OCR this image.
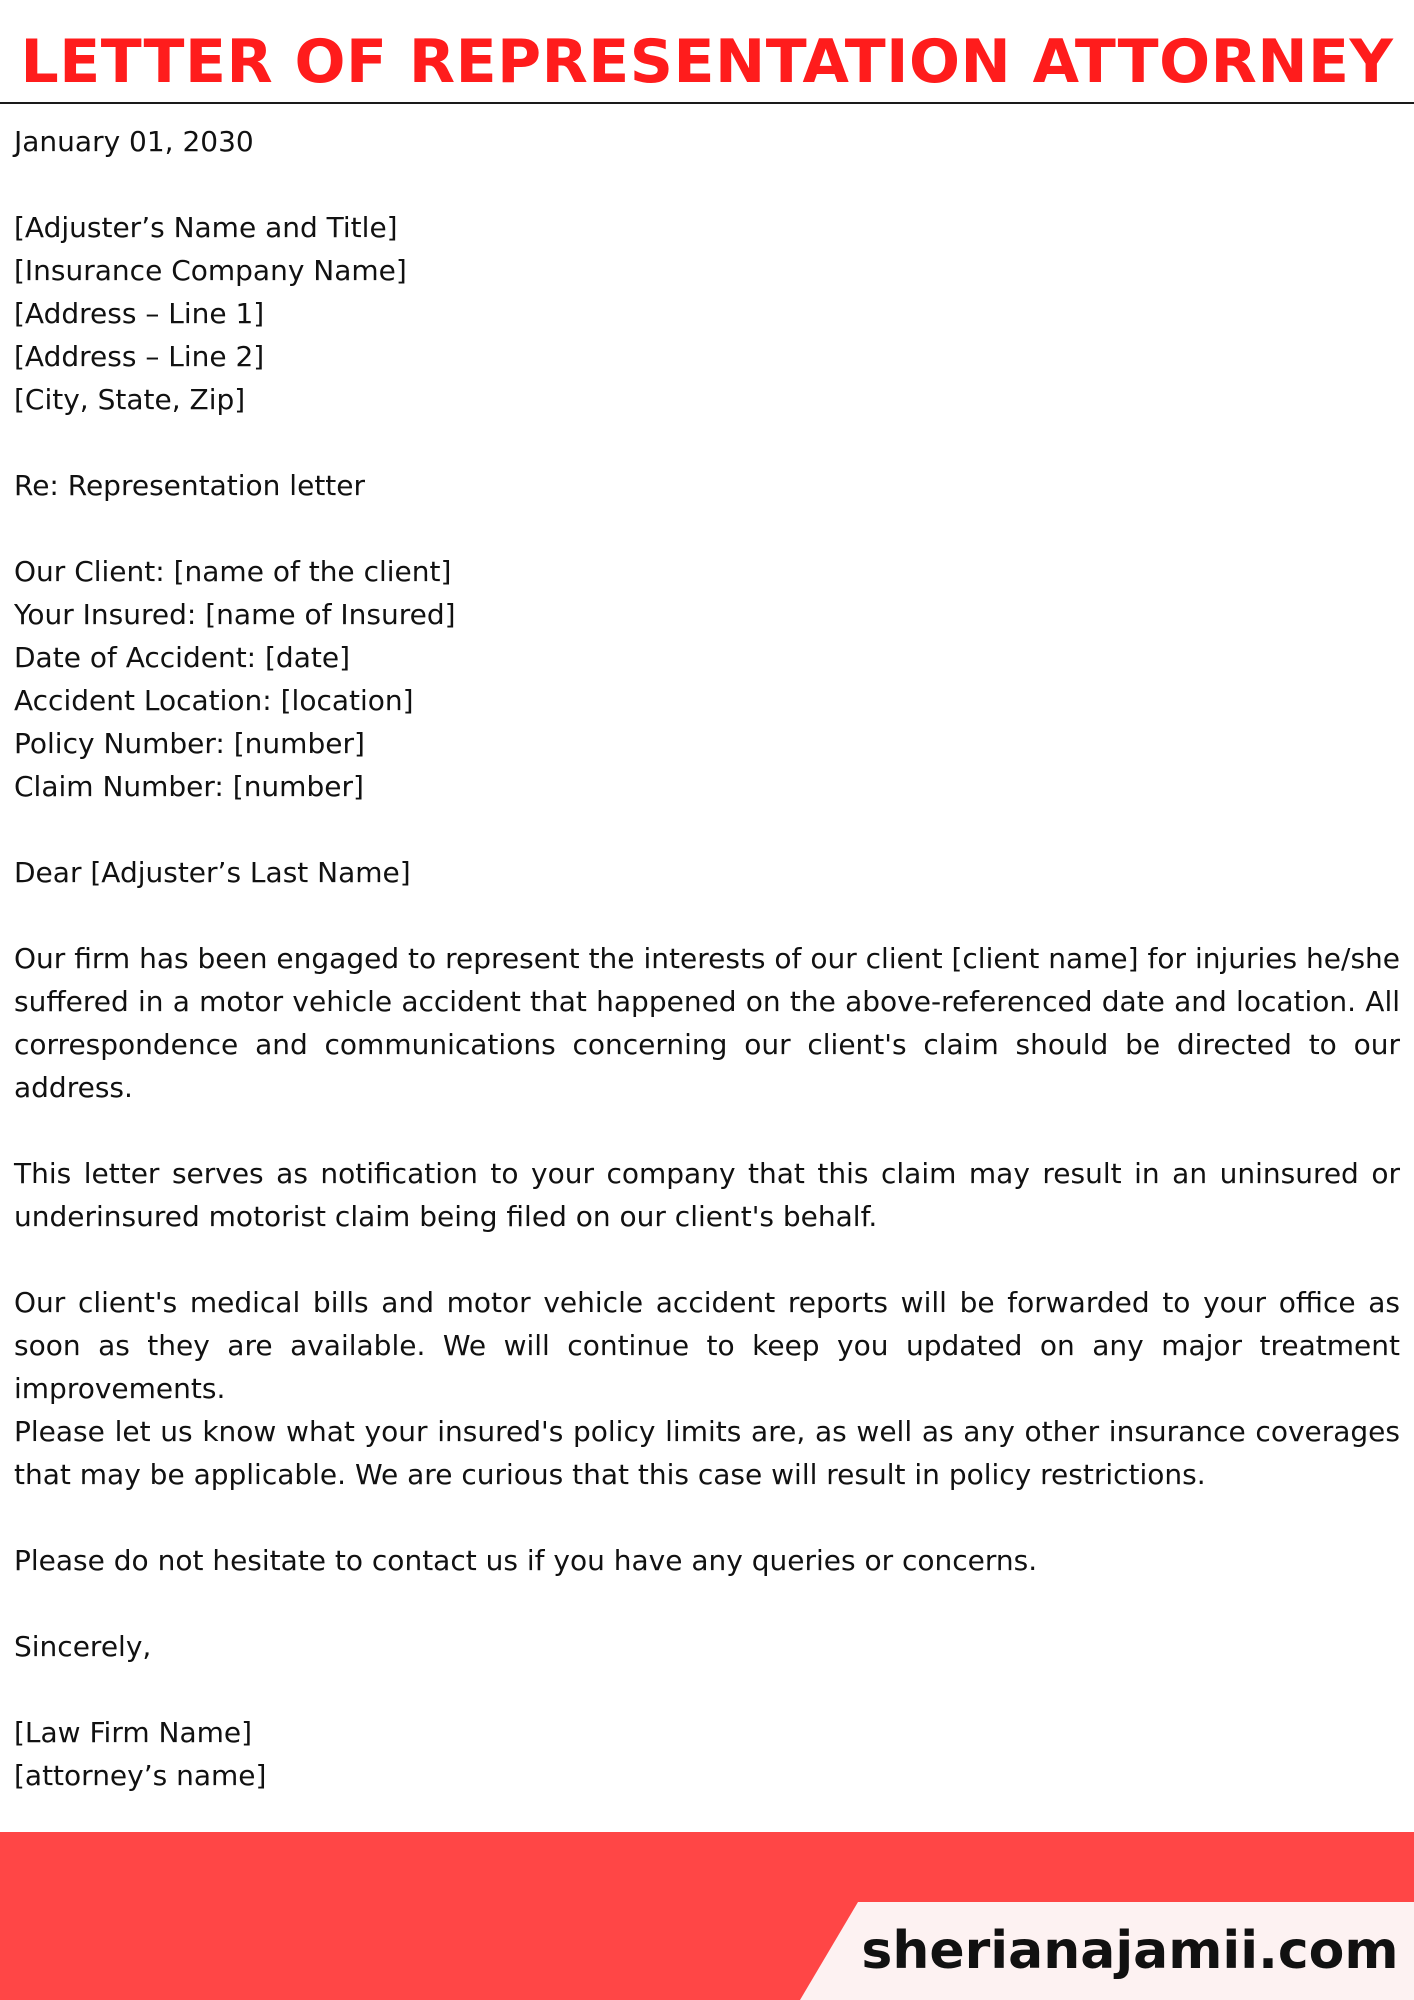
LETTER OF REPRESENTATION ATTORNEY
January 01, 2030
[Adjuster’s Name and Title]
[Insurance Company Name]
[Address – Line 1]
[Address – Line 2]
[City, State, Zip]
Re: Representation letter
Our Client: [name of the client]
Your Insured: [name of Insured]
Date of Accident: [date]
Accident Location: [location]
Policy Number: [number]
Claim Number: [number]
Dear [Adjuster’s Last Name]

Our firm has been engaged to represent the interests of our client [client name] for injuries he/she suffered in a motor vehicle accident that happened on the above-referenced date and location. All correspondence and communications concerning our client's claim should be directed to our address.

This letter serves as notification to your company that this claim may result in an uninsured or underinsured motorist claim being filed on our client's behalf.

Our client's medical bills and motor vehicle accident reports will be forwarded to your office as soon as they are available. We will continue to keep you updated on any major treatment improvements.

Please let us know what your insured's policy limits are, as well as any other insurance coverages that may be applicable. We are curious that this case will result in policy restrictions.

Please do not hesitate to contact us if you have any queries or concerns.

Sincerely,
[Law Firm Name]
[attorney’s name]
sherianajamii.com
